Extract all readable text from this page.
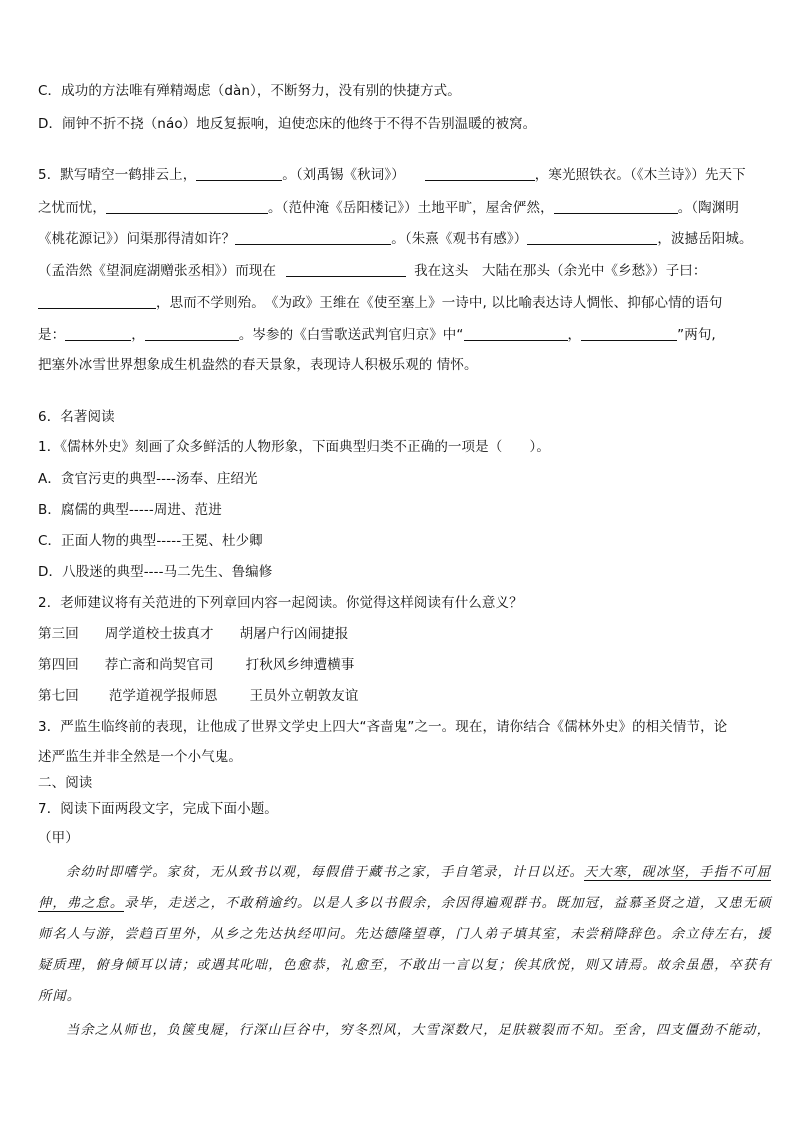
C．成功的方法唯有殚精竭虑（dàn），不断努力，没有别的快捷方式。
D．闹钟不折不挠（náo）地反复振响，迫使恋床的他终于不得不告别温暖的被窝。
5．默写晴空一鹤排云上，	。（刘禹锡《秋词》）	，寒光照铁衣。（《木兰诗》）先天下
之忧而忧，	。（范仲淹《岳阳楼记》）土地平旷，屋舍俨然，	。（陶渊明
《桃花源记》）问渠那得清如许？	。（朱熹《观书有感》）	，波撼岳阳城。
（孟浩然《望洞庭湖赠张丞相》）而现在	我在这头　大陆在那头（余光中《乡愁》）子曰：
，思而不学则殆。　《为政》王维在《使至塞上》一诗中, 以比喻表达诗人惆怅、抑郁心情的语句
是：	，	。岑参的《白雪歌送武判官归京》中“	，	”两句,
把塞外冰雪世界想象成生机盎然的春天景象，表现诗人积极乐观的 情怀。
6．名著阅读
1．《儒林外史》刻画了众多鲜活的人物形象，下面典型归类不正确的一项是（　　）。
A．贪官污吏的典型----汤奉、庄绍光
B．腐儒的典型-----周进、范进
C．正面人物的典型-----王冕、杜少卿
D．八股迷的典型----马二先生、鲁编修
2．老师建议将有关范进的下列章回内容一起阅读。你觉得这样阅读有什么意义？
第三回 周学道校士拔真才 胡屠户行凶闹捷报
第四回 荐亡斋和尚契官司 打秋风乡绅遭横事
第七回 范学道视学报师恩 王员外立朝敦友谊
3．严监生临终前的表现，让他成了世界文学史上四大“吝啬鬼”之一。现在，请你结合《儒林外史》的相关情节，论
述严监生并非全然是一个小气鬼。
二、阅读
7．阅读下面两段文字，完成下面小题。
（甲）
余幼时即嗜学。家贫，无从致书以观，每假借于藏书之家，手自笔录，计日以还。天大寒，砚冰坚，手指不可屈
伸，弗之怠。录毕，走送之，不敢稍逾约。以是人多以书假余，余因得遍观群书。既加冠，益慕圣贤之道，又患无硕
师名人与游，尝趋百里外，从乡之先达执经叩问。先达德隆望尊，门人弟子填其室，未尝稍降辞色。余立侍左右，援
疑质理，俯身倾耳以请；或遇其叱咄，色愈恭，礼愈至，不敢出一言以复；俟其欣悦，则又请焉。故余虽愚，卒获有
所闻。
当余之从师也，负箧曳屣，行深山巨谷中，穷冬烈风，大雪深数尺，足肤皲裂而不知。至舍，四支僵劲不能动，
